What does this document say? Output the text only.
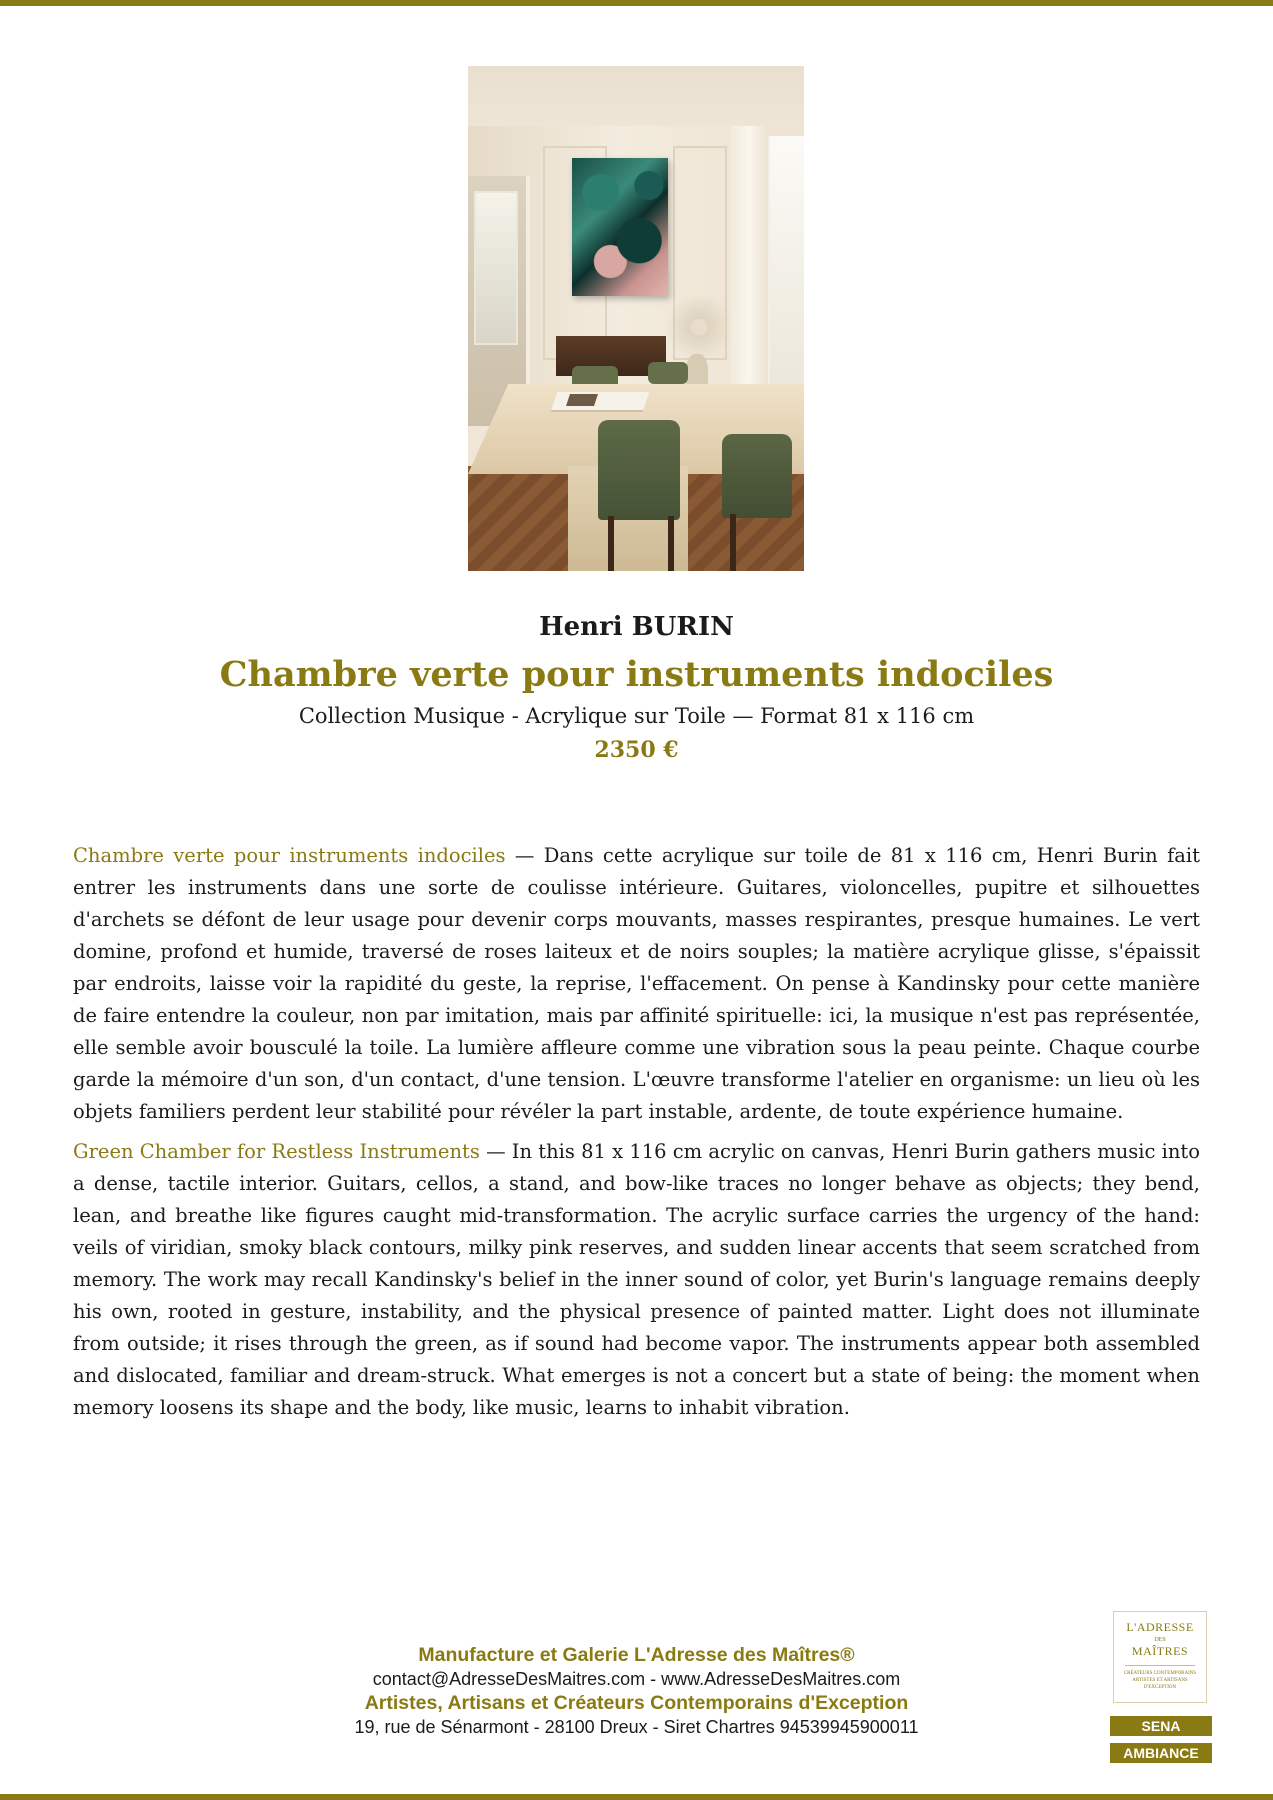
Henri BURIN
Chambre verte pour instruments indociles
Collection Musique - Acrylique sur Toile — Format 81 x 116 cm
2350 €

Chambre verte pour instruments indociles — Dans cette acrylique sur toile de 81 x 116 cm, Henri Burin fait entrer les instruments dans une sorte de coulisse intérieure. Guitares, violoncelles, pupitre et silhouettes d'archets se défont de leur usage pour devenir corps mouvants, masses respirantes, presque humaines. Le vert domine, profond et humide, traversé de roses laiteux et de noirs souples; la matière acrylique glisse, s'épaissit par endroits, laisse voir la rapidité du geste, la reprise, l'effacement. On pense à Kandinsky pour cette manière de faire entendre la couleur, non par imitation, mais par affinité spirituelle: ici, la musique n'est pas représentée, elle semble avoir bousculé la toile. La lumière affleure comme une vibration sous la peau peinte. Chaque courbe garde la mémoire d'un son, d'un contact, d'une tension. L'œuvre transforme l'atelier en organisme: un lieu où les objets familiers perdent leur stabilité pour révéler la part instable, ardente, de toute expérience humaine.

Green Chamber for Restless Instruments — In this 81 x 116 cm acrylic on canvas, Henri Burin gathers music into a dense, tactile interior. Guitars, cellos, a stand, and bow-like traces no longer behave as objects; they bend, lean, and breathe like figures caught mid-transformation. The acrylic surface carries the urgency of the hand: veils of viridian, smoky black contours, milky pink reserves, and sudden linear accents that seem scratched from memory. The work may recall Kandinsky's belief in the inner sound of color, yet Burin's language remains deeply his own, rooted in gesture, instability, and the physical presence of painted matter. Light does not illuminate from outside; it rises through the green, as if sound had become vapor. The instruments appear both assembled and dislocated, familiar and dream-struck. What emerges is not a concert but a state of being: the moment when memory loosens its shape and the body, like music, learns to inhabit vibration.

Manufacture et Galerie L'Adresse des Maîtres®
contact@AdresseDesMaitres.com - www.AdresseDesMaitres.com
Artistes, Artisans et Créateurs Contemporains d'Exception
19, rue de Sénarmont - 28100 Dreux - Siret Chartres 94539945900011
L'ADRESSE
DES
MAÎTRES
CRÉATEURS CONTEMPORAINS ARTISTES ET ARTISANS D'EXCEPTION
SENA
AMBIANCE
